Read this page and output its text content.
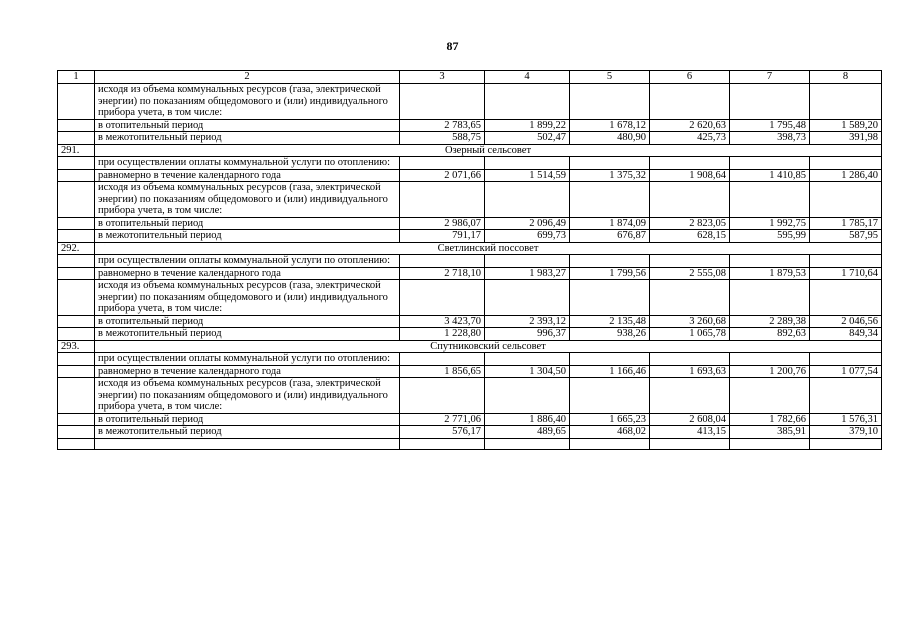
87
1	2	3	4	5	6	7	8
	исходя из объема коммунальных ресурсов (газа, электрической энергии) по показаниям общедомового и (или) индивидуального прибора учета, в том числе:						
	в отопительный период	2 783,65	1 899,22	1 678,12	2 620,63	1 795,48	1 589,20
	в межотопительный период	588,75	502,47	480,90	425,73	398,73	391,98
291.	Озерный сельсовет						
	при осуществлении оплаты коммунальной услуги по отоплению:						
	равномерно в течение календарного года	2 071,66	1 514,59	1 375,32	1 908,64	1 410,85	1 286,40
	исходя из объема коммунальных ресурсов (газа, электрической энергии) по показаниям общедомового и (или) индивидуального прибора учета, в том числе:						
	в отопительный период	2 986,07	2 096,49	1 874,09	2 823,05	1 992,75	1 785,17
	в межотопительный период	791,17	699,73	676,87	628,15	595,99	587,95
292.	Светлинский поссовет						
	при осуществлении оплаты коммунальной услуги по отоплению:						
	равномерно в течение календарного года	2 718,10	1 983,27	1 799,56	2 555,08	1 879,53	1 710,64
	исходя из объема коммунальных ресурсов (газа, электрической энергии) по показаниям общедомового и (или) индивидуального прибора учета, в том числе:						
	в отопительный период	3 423,70	2 393,12	2 135,48	3 260,68	2 289,38	2 046,56
	в межотопительный период	1 228,80	996,37	938,26	1 065,78	892,63	849,34
293.	Спутниковский сельсовет						
	при осуществлении оплаты коммунальной услуги по отоплению:						
	равномерно в течение календарного года	1 856,65	1 304,50	1 166,46	1 693,63	1 200,76	1 077,54
	исходя из объема коммунальных ресурсов (газа, электрической энергии) по показаниям общедомового и (или) индивидуального прибора учета, в том числе:						
	в отопительный период	2 771,06	1 886,40	1 665,23	2 608,04	1 782,66	1 576,31
	в межотопительный период	576,17	489,65	468,02	413,15	385,91	379,10
